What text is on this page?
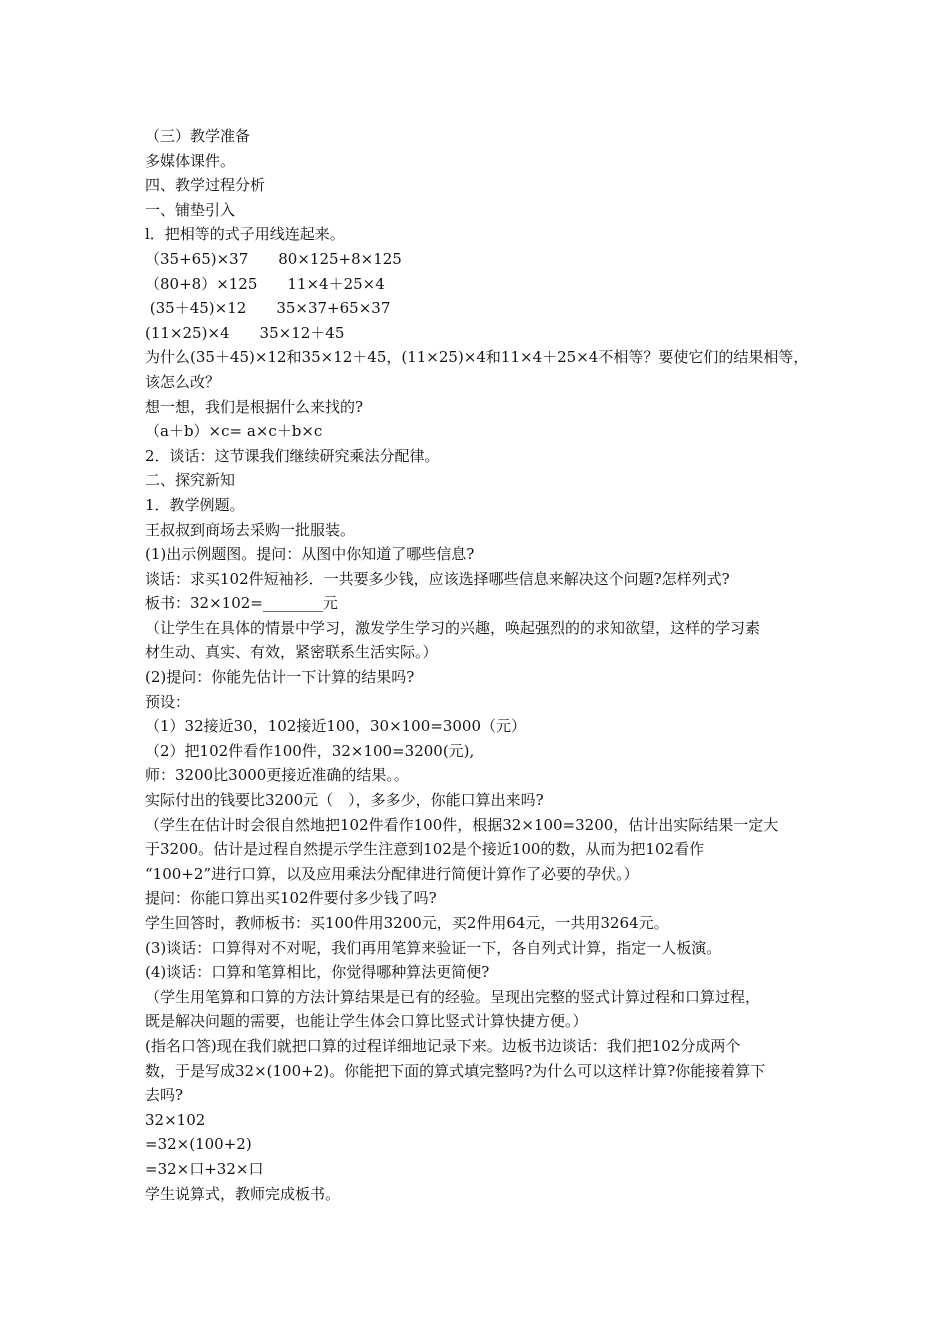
（三）教学准备
多媒体课件。
四、教学过程分析
一、铺垫引入
l．把相等的式子用线连起来。
（35+65)×37　　80×125+8×125
（80+8）×125　　11×4＋25×4
(35＋45)×12　　35×37+65×37
(11×25)×4　　35×12＋45
为什么(35＋45)×12和35×12＋45，(11×25)×4和11×4＋25×4不相等？要使它们的结果相等，
该怎么改？
想一想，我们是根据什么来找的?
（a＋b）×c= a×c＋b×c
2．谈话：这节课我们继续研究乘法分配律。
二、探究新知
1．教学例题。
王叔叔到商场去采购一批服装。
(1)出示例题图。提问：从图中你知道了哪些信息?
谈话：求买102件短袖衫．一共要多少钱，应该选择哪些信息来解决这个问题?怎样列式?
板书：32×102=________元
（让学生在具体的情景中学习，激发学生学习的兴趣，唤起强烈的的求知欲望，这样的学习素
材生动、真实、有效，紧密联系生活实际。）
(2)提问：你能先估计一下计算的结果吗?
预设：
（1）32接近30，102接近100，30×100=3000（元）
（2）把102件看作100件，32×100=3200(元),
师：3200比3000更接近准确的结果。。
实际付出的钱要比3200元（　），多多少，你能口算出来吗?
（学生在估计时会很自然地把102件看作100件，根据32×100=3200，估计出实际结果一定大
于3200。估计是过程自然提示学生注意到102是个接近100的数，从而为把102看作
“100+2”进行口算，以及应用乘法分配律进行简便计算作了必要的孕伏。）
提问：你能口算出买102件要付多少钱了吗?
学生回答时，教师板书：买100件用3200元，买2件用64元，一共用3264元。
(3)谈话：口算得对不对呢，我们再用笔算来验证一下，各自列式计算，指定一人板演。
(4)谈话：口算和笔算相比，你觉得哪种算法更简便?
（学生用笔算和口算的方法计算结果是已有的经验。呈现出完整的竖式计算过程和口算过程，
既是解决问题的需要，也能让学生体会口算比竖式计算快捷方便。）
(指名口答)现在我们就把口算的过程详细地记录下来。边板书边谈话：我们把102分成两个
数，于是写成32×(100+2)。你能把下面的算式填完整吗?为什么可以这样计算?你能接着算下
去吗?
32×102
=32×(100+2)
=32×口+32×口
学生说算式，教师完成板书。
